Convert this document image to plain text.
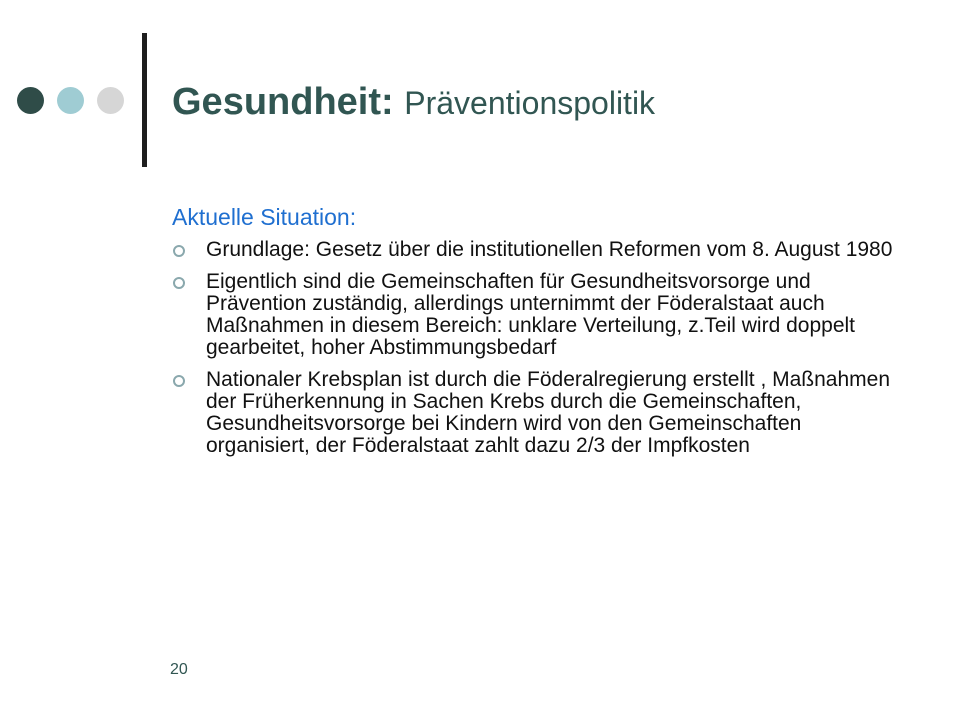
Gesundheit: Präventionspolitik
Aktuelle Situation:
Grundlage: Gesetz über die institutionellen Reformen vom 8. August 1980
Eigentlich sind die Gemeinschaften für Gesundheitsvorsorge und Prävention zuständig, allerdings unternimmt der Föderalstaat auch Maßnahmen in diesem Bereich: unklare Verteilung, z.Teil wird doppelt gearbeitet, hoher Abstimmungsbedarf
Nationaler Krebsplan ist durch die Föderalregierung erstellt , Maßnahmen der Früherkennung in Sachen Krebs durch die Gemeinschaften, Gesundheitsvorsorge bei Kindern wird von den Gemeinschaften organisiert, der Föderalstaat zahlt dazu 2/3 der Impfkosten
20
